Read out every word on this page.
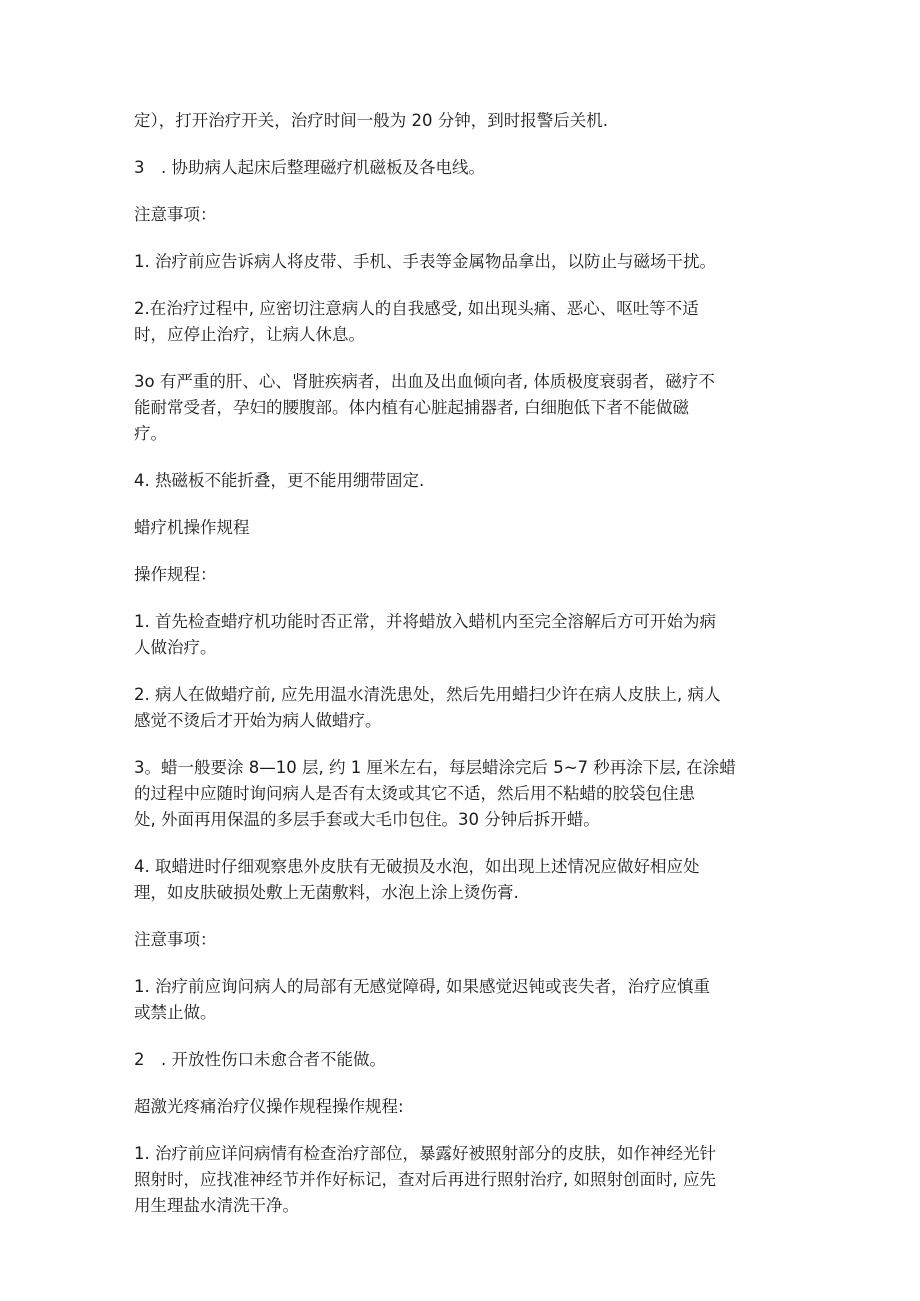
定），打开治疗开关，治疗时间一般为 20 分钟，到时报警后关机.
3　. 协助病人起床后整理磁疗机磁板及各电线。
注意事项：
1. 治疗前应告诉病人将皮带、手机、手表等金属物品拿出，以防止与磁场干扰。
2.在治疗过程中, 应密切注意病人的自我感受, 如出现头痛、恶心、呕吐等不适
时，应停止治疗，让病人休息。
3o 有严重的肝、心、肾脏疾病者，出血及出血倾向者, 体质极度衰弱者，磁疗不
能耐常受者，孕妇的腰腹部。体内植有心脏起捕器者, 白细胞低下者不能做磁
疗。
4. 热磁板不能折叠，更不能用绷带固定.
蜡疗机操作规程
操作规程：
1. 首先检查蜡疗机功能时否正常，并将蜡放入蜡机内至完全溶解后方可开始为病
人做治疗。
2. 病人在做蜡疗前, 应先用温水清洗患处，然后先用蜡扫少许在病人皮肤上, 病人
感觉不烫后才开始为病人做蜡疗。
3。蜡一般要涂 8—10 层, 约 1 厘米左右，每层蜡涂完后 5~7 秒再涂下层, 在涂蜡
的过程中应随时询问病人是否有太烫或其它不适，然后用不粘蜡的胶袋包住患
处, 外面再用保温的多层手套或大毛巾包住。30 分钟后拆开蜡。
4. 取蜡进时仔细观察患外皮肤有无破损及水泡，如出现上述情况应做好相应处
理，如皮肤破损处敷上无菌敷料，水泡上涂上烫伤膏.
注意事项：
1. 治疗前应询问病人的局部有无感觉障碍, 如果感觉迟钝或丧失者，治疗应慎重
或禁止做。
2　. 开放性伤口未愈合者不能做。
超激光疼痛治疗仪操作规程操作规程:
1. 治疗前应详问病情有检查治疗部位，暴露好被照射部分的皮肤，如作神经光针
照射时，应找准神经节并作好标记，查对后再进行照射治疗, 如照射创面时, 应先
用生理盐水清洗干净。
